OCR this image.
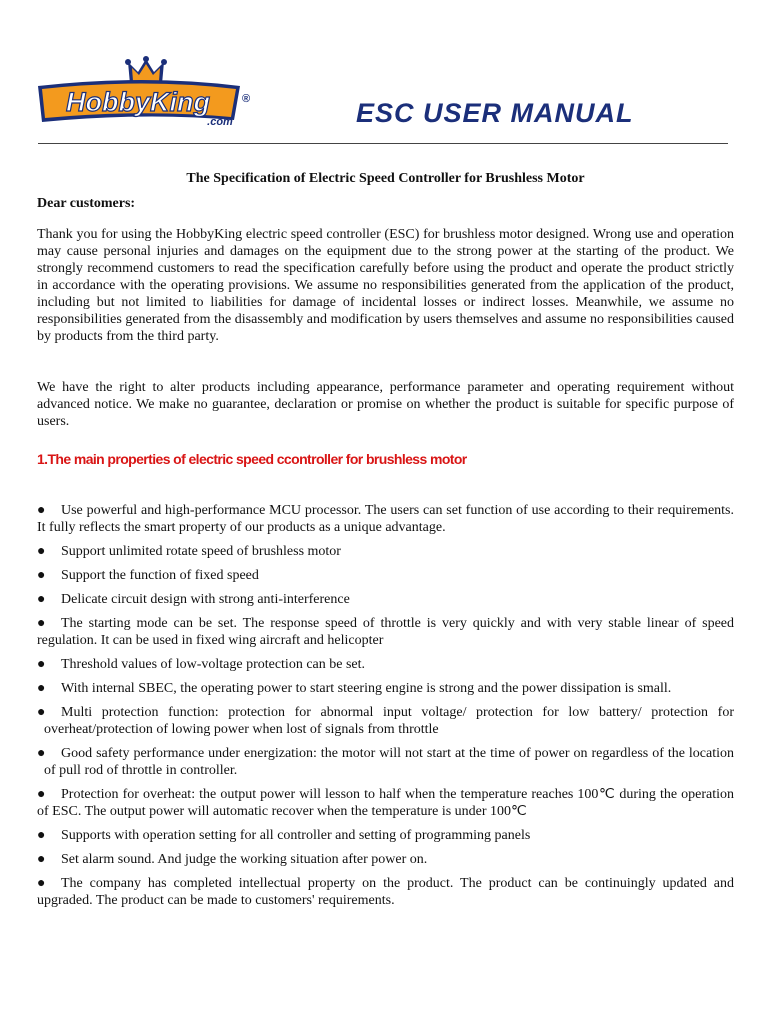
HobbyKing
.com
®	ESC USER MANUAL
The Specification of Electric Speed Controller for Brushless Motor
Dear customers:

Thank you for using the HobbyKing electric speed controller (ESC) for brushless motor designed. Wrong use and operation may cause personal injuries and damages on the equipment due to the strong power at the starting of the product. We strongly recommend customers to read the specification carefully before using the product and operate the product strictly in accordance with the operating provisions. We assume no responsibilities generated from the application of the product, including but not limited to liabilities for damage of incidental losses or indirect losses. Meanwhile, we assume no responsibilities generated from the disassembly and modification by users themselves and assume no responsibilities caused by products from the third party.

We have the right to alter products including appearance, performance parameter and operating requirement without advanced notice. We make no guarantee, declaration or promise on whether the product is suitable for specific purpose of users.

1.The main properties of electric speed ccontroller for brushless motor
● Use powerful and high-performance MCU processor. The users can set function of use according to their requirements. It fully reflects the smart property of our products as a unique advantage.
● Support unlimited rotate speed of brushless motor
● Support the function of fixed speed
● Delicate circuit design with strong anti-interference
● The starting mode can be set. The response speed of throttle is very quickly and with very stable linear of speed regulation. It can be used in fixed wing aircraft and helicopter
● Threshold values of low-voltage protection can be set.
● With internal SBEC, the operating power to start steering engine is strong and the power dissipation is small.
● Multi protection function: protection for abnormal input voltage/ protection for low battery/ protection for overheat/protection of lowing power when lost of signals from throttle
● Good safety performance under energization: the motor will not start at the time of power on regardless of the location of pull rod of throttle in controller.
● Protection for overheat: the output power will lesson to half when the temperature reaches 100℃ during the operation of ESC. The output power will automatic recover when the temperature is under 100℃
● Supports with operation setting for all controller and setting of programming panels
● Set alarm sound. And judge the working situation after power on.
● The company has completed intellectual property on the product. The product can be continuingly updated and upgraded. The product can be made to customers' requirements.
